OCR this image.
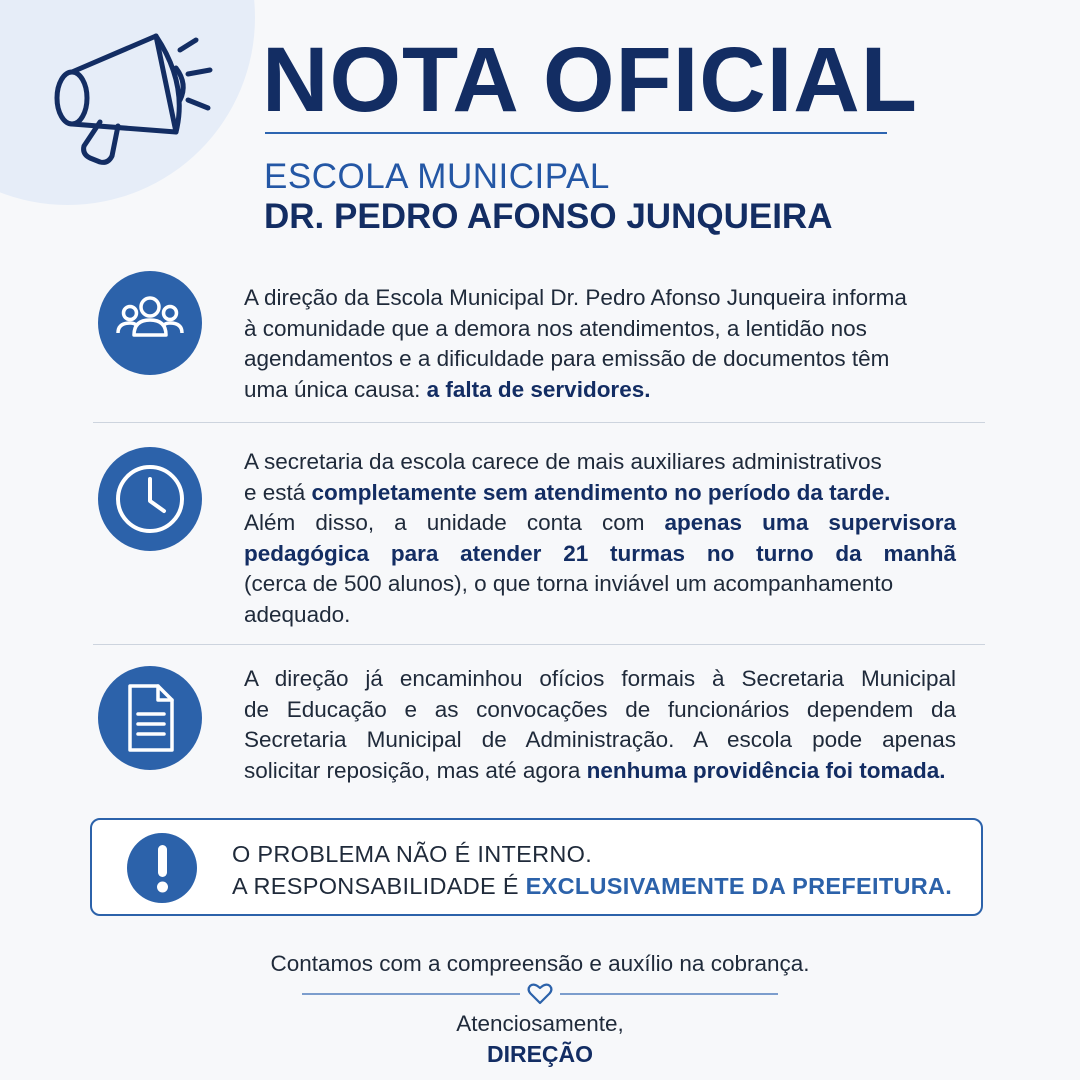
NOTA OFICIAL
ESCOLA MUNICIPAL
DR. PEDRO AFONSO JUNQUEIRA
A direção da Escola Municipal Dr. Pedro Afonso Junqueira informa
à comunidade que a demora nos atendimentos, a lentidão nos
agendamentos e a dificuldade para emissão de documentos têm
uma única causa: a falta de servidores.
A secretaria da escola carece de mais auxiliares administrativos
e está completamente sem atendimento no período da tarde.
Além disso, a unidade conta com apenas uma supervisora
pedagógica para atender 21 turmas no turno da manhã
(cerca de 500 alunos), o que torna inviável um acompanhamento
adequado.
A direção já encaminhou ofícios formais à Secretaria Municipal
de Educação e as convocações de funcionários dependem da
Secretaria Municipal de Administração. A escola pode apenas
solicitar reposição, mas até agora nenhuma providência foi tomada.
O PROBLEMA NÃO É INTERNO.
A RESPONSABILIDADE É EXCLUSIVAMENTE DA PREFEITURA.
Contamos com a compreensão e auxílio na cobrança.
Atenciosamente,
DIREÇÃO
